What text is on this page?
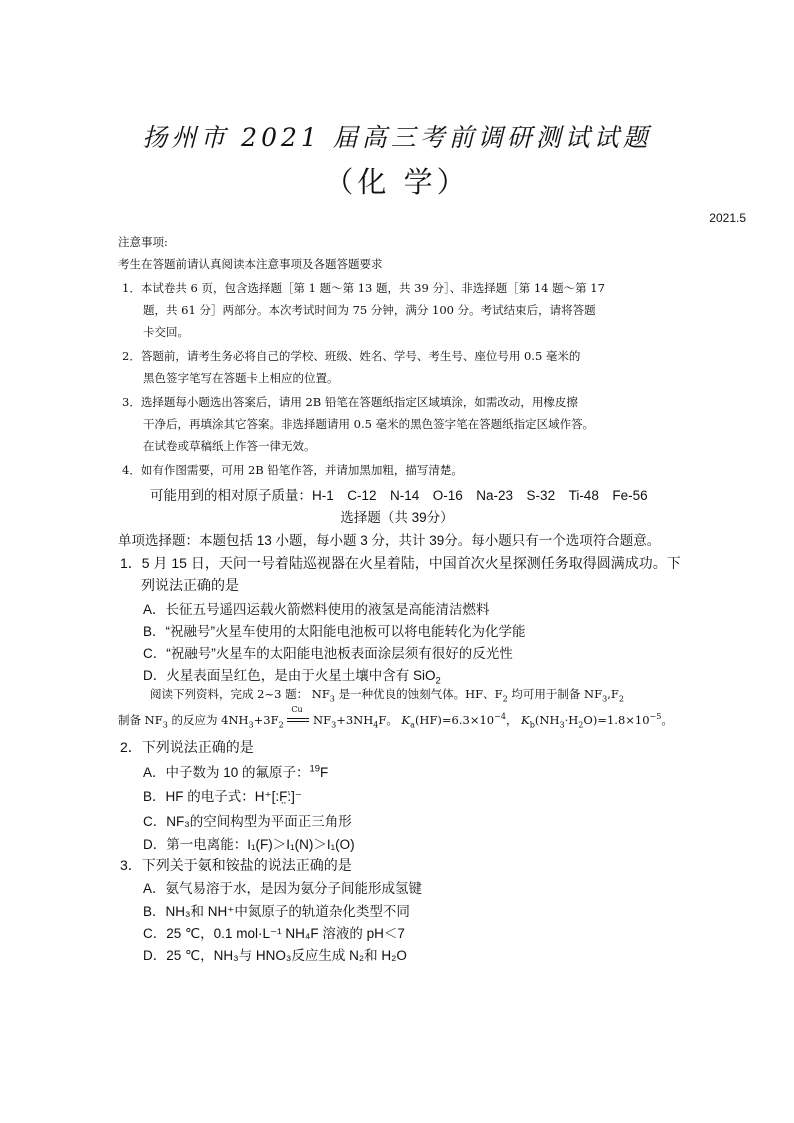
扬州市 2021 届高三考前调研测试试题
（化 学）
2021.5
注意事项:
考生在答题前请认真阅读本注意事项及各题答题要求
1．本试卷共 6 页，包含选择题［第 1 题～第 13 题，共 39 分］、非选择题［第 14 题～第 17
题，共 61 分］两部分。本次考试时间为 75 分钟，满分 100 分。考试结束后，请将答题
卡交回。
2．答题前，请考生务必将自己的学校、班级、姓名、学号、考生号、座位号用 0.5 毫米的
黑色签字笔写在答题卡上相应的位置。
3．选择题每小题选出答案后，请用 2B 铅笔在答题纸指定区域填涂，如需改动，用橡皮擦
干净后，再填涂其它答案。非选择题请用 0.5 毫米的黑色签字笔在答题纸指定区域作答。
在试卷或草稿纸上作答一律无效。
4．如有作图需要，可用 2B 铅笔作答，并请加黑加粗，描写清楚。
可能用到的相对原子质量：H-1　C-12　N-14　O-16　Na-23　S-32　Ti-48　Fe-56
选择题（共 39分）
单项选择题：本题包括 13 小题，每小题 3 分，共计 39分。每小题只有一个选项符合题意。
1．5 月 15 日，天问一号着陆巡视器在火星着陆，中国首次火星探测任务取得圆满成功。下
列说法正确的是
A．长征五号遥四运载火箭燃料使用的液氢是高能清洁燃料
B．“祝融号”火星车使用的太阳能电池板可以将电能转化为化学能
C．“祝融号”火星车的太阳能电池板表面涂层须有很好的反光性
D．火星表面呈红色，是由于火星土壤中含有 SiO$_2$
阅读下列资料，完成 2~3 题： $NF_3$ 是一种优良的蚀刻气体。HF、$F_2$ 均可用于制备 $NF_3,F_2$
制备 $NF_3$ 的反应为 $4NH_3+3F_2$
Cu
$NF_3+3NH_4F$。 $K_a(HF)=6.3\times 10^{-4}$， $K_b(NH_3\cdot H_2O)=1.8\times 10^{-5}$。
2．下列说法正确的是
A．中子数为 10 的氟原子：$^{19}$F
B．HF 的电子式：H⁺[:F̤̈:]⁻
C．NF₃的空间构型为平面正三角形
D．第一电离能：I₁(F)＞I₁(N)＞I₁(O)
3．下列关于氨和铵盐的说法正确的是
A．氨气易溶于水，是因为氨分子间能形成氢键
B．NH₃和 NH⁺中氮原子的轨道杂化类型不同
C．25 ℃，0.1 mol·L⁻¹ NH₄F 溶液的 pH＜7
D．25 ℃，NH₃与 HNO₃反应生成 N₂和 H₂O
